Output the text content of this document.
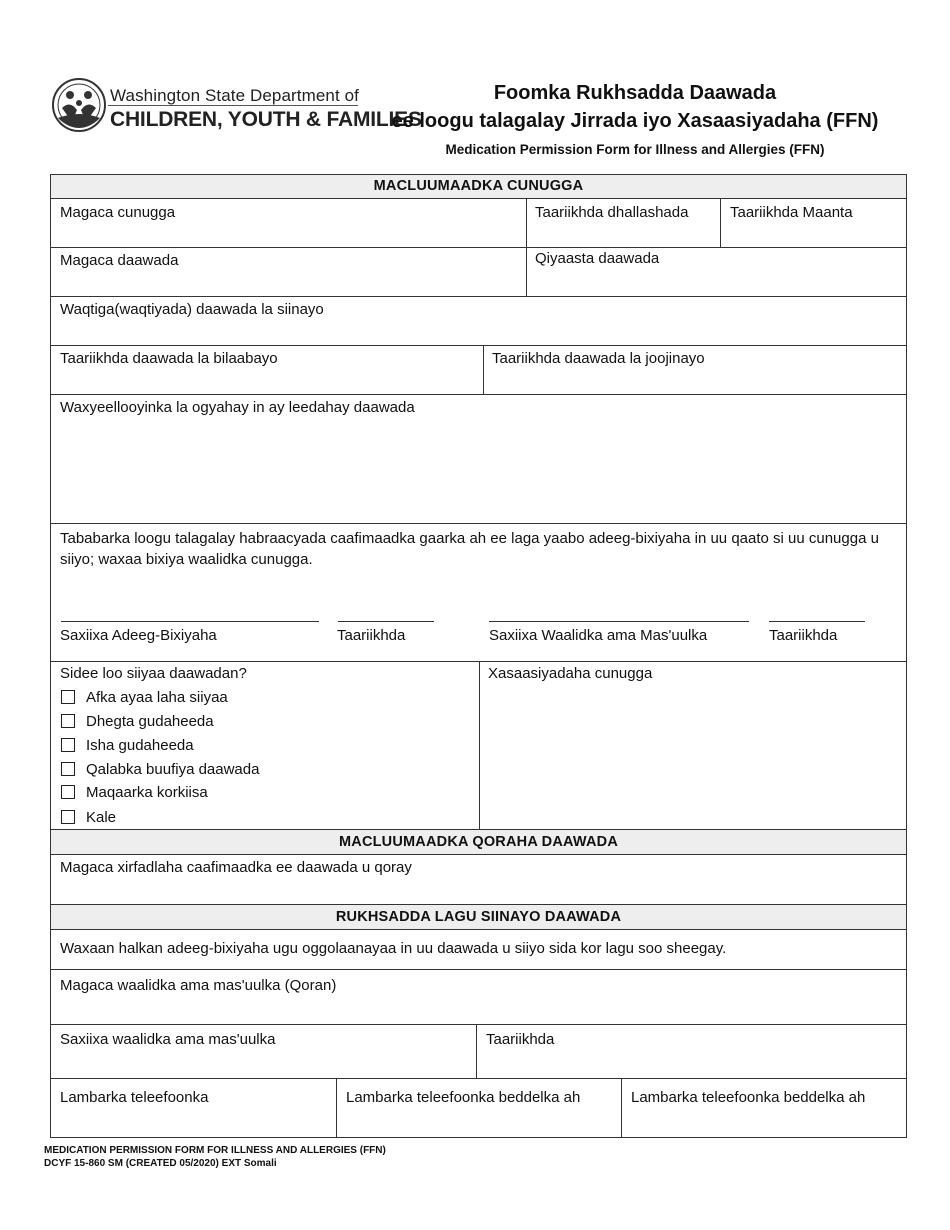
Washington State Department of
CHILDREN, YOUTH & FAMILIES
Foomka Rukhsadda Daawada
ee loogu talagalay Jirrada iyo Xasaasiyadaha (FFN)
Medication Permission Form for Illness and Allergies (FFN)
MACLUUMAADKA CUNUGGA
Magaca cunugga	Taariikhda dhallashada	Taariikhda Maanta
Magaca daawada	Qiyaasta daawada
Waqtiga(waqtiyada) daawada la siinayo
Taariikhda daawada la bilaabayo	Taariikhda daawada la joojinayo
Waxyeellooyinka la ogyahay in ay leedahay daawada
Tababarka loogu talagalay habraacyada caafimaadka gaarka ah ee laga yaabo adeeg-bixiyaha in uu qaato si uu cunugga u siiyo; waxaa bixiya waalidka cunugga.
Saxiixa Adeeg-Bixiyaha	Taariikhda	Saxiixa Waalidka ama Mas'uulka	Taariikhda
Sidee loo siiyaa daawadan?	Xasaasiyadaha cunugga
Afka ayaa laha siiyaa
Dhegta gudaheeda
Isha gudaheeda
Qalabka buufiya daawada
Maqaarka korkiisa
Kale
MACLUUMAADKA QORAHA DAAWADA
Magaca xirfadlaha caafimaadka ee daawada u qoray
RUKHSADDA LAGU SIINAYO DAAWADA
Waxaan halkan adeeg-bixiyaha ugu oggolaanayaa in uu daawada u siiyo sida kor lagu soo sheegay.
Magaca waalidka ama mas'uulka (Qoran)
Saxiixa waalidka ama mas'uulka	Taariikhda
Lambarka teleefoonka	Lambarka teleefoonka beddelka ah	Lambarka teleefoonka beddelka ah
MEDICATION PERMISSION FORM FOR ILLNESS AND ALLERGIES (FFN)
DCYF 15-860 SM (CREATED 05/2020) EXT Somali
